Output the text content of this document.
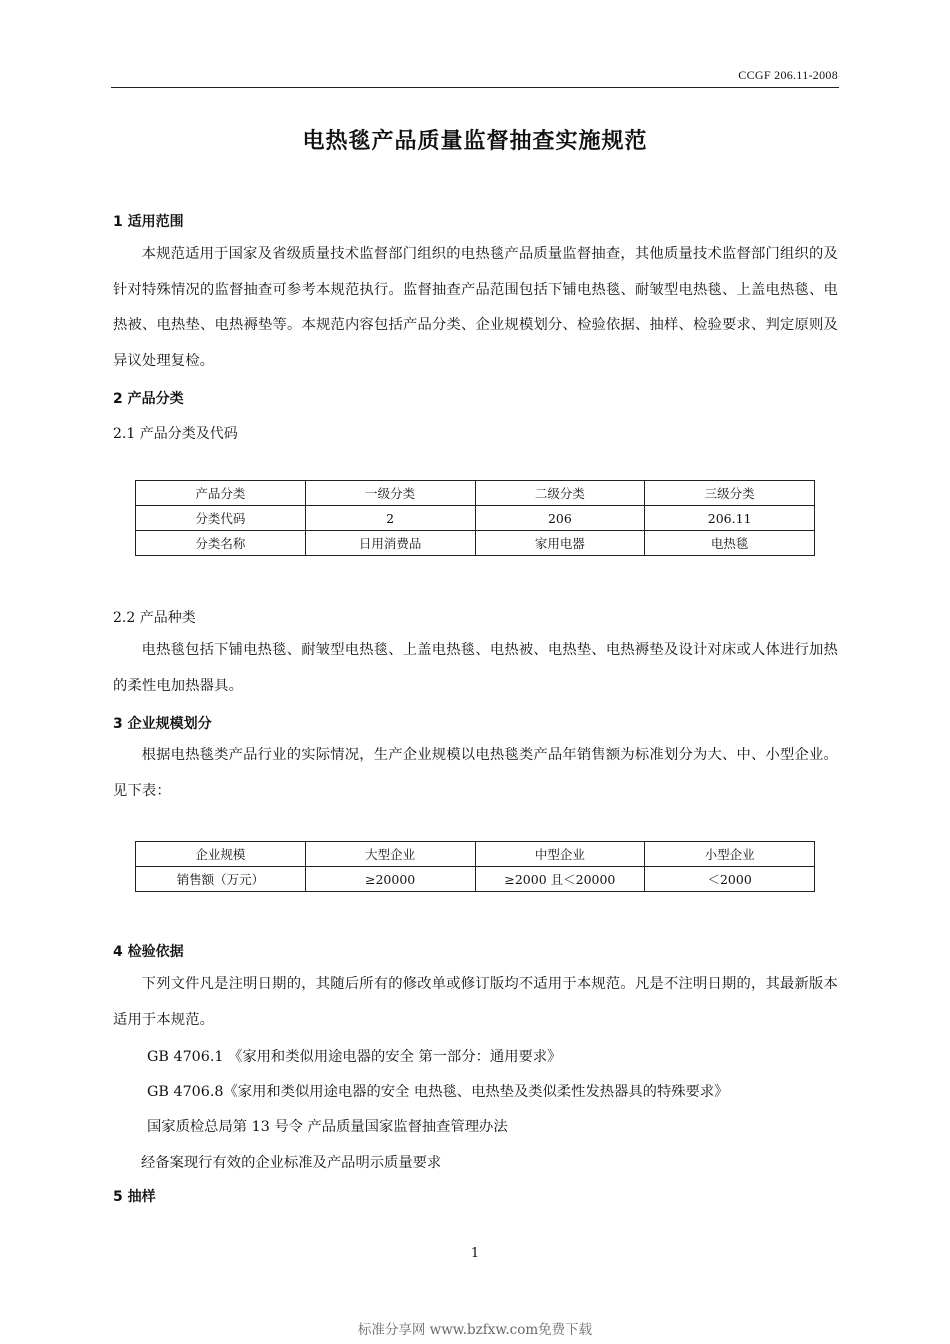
CCGF 206.11-2008
电热毯产品质量监督抽查实施规范
1 适用范围
本规范适用于国家及省级质量技术监督部门组织的电热毯产品质量监督抽查，其他质量技术监督部门组织的及针对特殊情况的监督抽查可参考本规范执行。监督抽查产品范围包括下铺电热毯、耐皱型电热毯、上盖电热毯、电热被、电热垫、电热褥垫等。本规范内容包括产品分类、企业规模划分、检验依据、抽样、检验要求、判定原则及异议处理复检。
2 产品分类
2.1 产品分类及代码
产品分类	一级分类	二级分类	三级分类
分类代码	2	206	206.11
分类名称	日用消费品	家用电器	电热毯
2.2 产品种类
电热毯包括下铺电热毯、耐皱型电热毯、上盖电热毯、电热被、电热垫、电热褥垫及设计对床或人体进行加热的柔性电加热器具。
3 企业规模划分
根据电热毯类产品行业的实际情况，生产企业规模以电热毯类产品年销售额为标准划分为大、中、小型企业。见下表：
企业规模	大型企业	中型企业	小型企业
销售额（万元）	≥20000	≥2000 且＜20000	＜2000
4 检验依据
下列文件凡是注明日期的，其随后所有的修改单或修订版均不适用于本规范。凡是不注明日期的，其最新版本适用于本规范。
GB 4706.1 《家用和类似用途电器的安全 第一部分：通用要求》
GB 4706.8《家用和类似用途电器的安全 电热毯、电热垫及类似柔性发热器具的特殊要求》
国家质检总局第 13 号令 产品质量国家监督抽查管理办法
经备案现行有效的企业标准及产品明示质量要求
5 抽样
1
标准分享网 www.bzfxw.com免费下载
